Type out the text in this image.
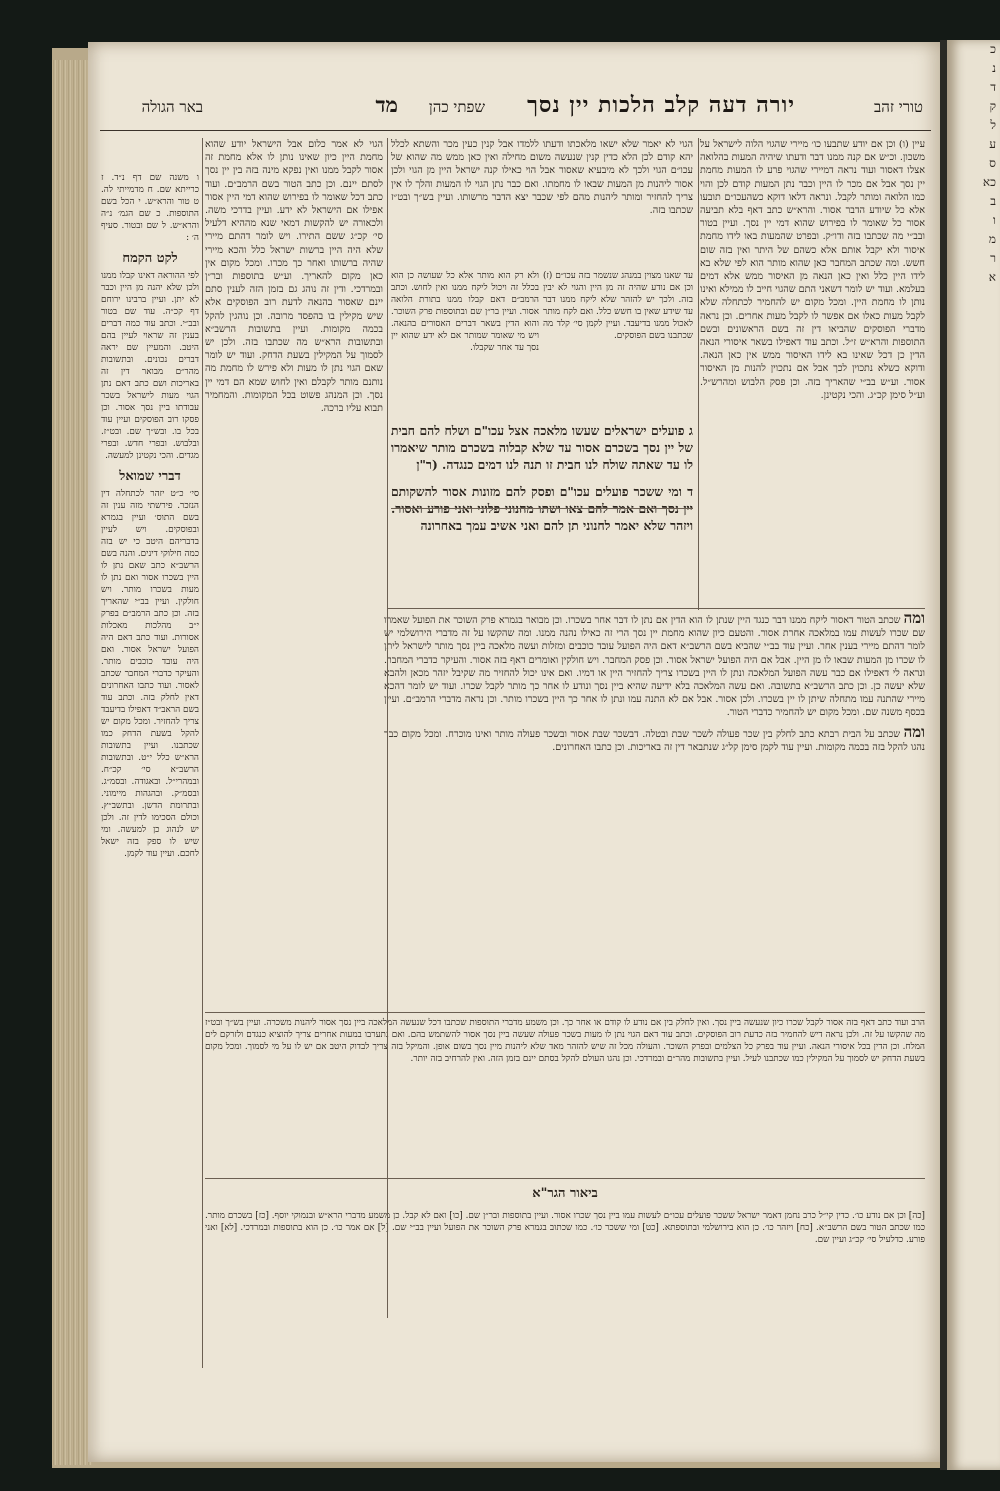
טורי זהב
יורה דעה קלב הלכות יין נסך
שפתי כהן
מד
באר הגולה

עיין (ו) וכן אם יודע שתבעו כו׳ מיירי שהגוי הלוה לישראל על משכון. וכ״ש אם קנה ממנו דבר ודעתו שיהיה המעות בהלואה אצלו דאסור ועוד נראה דמיירי שהגוי פרע לו המעות מחמת יין נסך אבל אם מכר לו היין וכבר נתן המעות קודם לכן והוי כמו הלואה ומותר לקבל. ונראה דלאו דוקא כשהעכו״ם תובעו אלא כל שיודע הדבר אסור. והרא״ש כתב דאף בלא תביעה אסור כל שאומר לו בפירוש שהוא דמי יין נסך. ועיין בטור ובב״י מה שכתבו בזה ודו״ק. ובפרט שהמעות באו לידו מחמת איסור ולא יקבל אותם אלא כשהם של היתר ואין בזה שום חשש. ומה שכתב המחבר כאן שהוא מותר הוא לפי שלא בא לידו היין כלל ואין כאן הנאה מן האיסור ממש אלא דמים בעלמא. ועוד יש לומר דשאני התם שהגוי חייב לו ממילא ואינו נותן לו מחמת היין. ומכל מקום יש להחמיר לכתחלה שלא לקבל מעות כאלו אם אפשר לו לקבל מעות אחרים. וכן נראה מדברי הפוסקים שהביאו דין זה בשם הראשונים ובשם התוספות והרא״ש ז״ל. וכתב עוד דאפילו בשאר איסורי הנאה הדין כן דכל שאינו בא לידו האיסור ממש אין כאן הנאה. ודוקא כשלא נתכוין לכך אבל אם נתכוין להנות מן האיסור אסור. וע״ש בב״י שהאריך בזה. וכן פסק הלבוש ומהרש״ל. וע״ל סימן קכ״ג. והכי נקטינן.

הגוי לא יאמר שלא ישאו מלאכתו ודעתו ללמדו אבל קנין כעין מכר והשתא לכלל יהא קודם לכן הלא כדין קנין שנעשה משום מחילה ואין כאן ממש מה שהוא של עכו״ם הגוי ולכך לא מיבעיא שאסור אבל הוי כאילו קנה ישראל היין מן הגוי ולכן אסור ליהנות מן המעות שבאו לו מחמתו. ואם כבר נתן הגוי לו המעות והלך לו אין צריך להחזיר ומותר ליהנות מהם לפי שכבר יצא הדבר מרשותו. ועיין בש״ך ובט״ז שכתבו בזה.

עד שאנו מצוין במנהג שנשמר בזה עכו״ם (ז) וכן אם נודע שהיה זה מן היין והגוי לא יבין בזה. ולכך יש להזהר שלא ליקח ממנו דבר עד שידע שאין בו חשש כלל. ואם לקח מותר לאכול ממנו בדיעבד. ועיין לקמן סי׳ קלד מה שכתבנו בשם הפוסקים.

ולא רק הוא מותר אלא כל שעושה כן הוא בכלל זה ויכול ליקח ממנו ואין לחוש. וכתב הרמב״ם דאם קבלו ממנו בתורת הלואה אסור. ועיין בר״ן שם ובתוספות פרק השוכר. והוא הדין בשאר דברים האסורים בהנאה. ויש מי שאומר שמותר אם לא ידע שהוא יין נסך עד אחר שקבלו.

ג פועלים ישראלים שעשו מלאכה אצל עכו"ם ושלח להם חבית של יין נסך בשכרם אסור עד שלא קבלוה בשכרם מותר שיאמרו לו עד שאתה שולח לנו חבית זו תנה לנו דמים כנגדה. (ר"ן

ד ומי ששכר פועלים עכו"ם ופסק להם מזונות אסור להשקותם יין נסך ואם אמר להם צאו ושתו מחנוני פלוני ואני פורע ואסור. ויזהר שלא יאמר לחנוני תן להם ואני אשיב עמך באחרונה

הגוי לא אמר כלום אבל הישראל יודע שהוא מחמת היין כיון שאינו נותן לו אלא מחמת זה אסור לקבל ממנו ואין נפקא מינה בזה בין יין נסך לסתם יינם. וכן כתב הטור בשם הרמב״ם. ועוד כתב דכל שאומר לו בפירוש שהוא דמי היין אסור אפילו אם הישראל לא ידע. ועיין בדרכי משה. ולכאורה יש להקשות דמאי שנא מההיא דלעיל סי׳ קכ״ג ששם התירו. ויש לומר דהתם מיירי שלא היה היין ברשות ישראל כלל והכא מיירי שהיה ברשותו ואחר כך מכרו. ומכל מקום אין כאן מקום להאריך. וע״ש בתוספות ובר״ן ובמרדכי. ודין זה נוהג גם בזמן הזה לענין סתם יינם שאסור בהנאה לדעת רוב הפוסקים אלא שיש מקילין בו בהפסד מרובה. וכן נוהגין להקל בכמה מקומות. ועיין בתשובות הרשב״א ובתשובות הרא״ש מה שכתבו בזה. ולכן יש לסמוך על המקילין בשעת הדחק. ועוד יש לומר שאם הגוי נתן לו מעות ולא פירש לו מחמת מה נותנם מותר לקבלם ואין לחוש שמא הם דמי יין נסך. וכן המנהג פשוט בכל המקומות. והמחמיר תבוא עליו ברכה.

ומה שכתב הטור דאסור ליקח ממנו דבר כנגד היין שנתן לו הוא הדין אם נתן לו דבר אחר בשכרו. וכן מבואר בגמרא פרק השוכר את הפועל שאמרו שם שכרו לעשות עמו במלאכה אחרת אסור. והטעם כיון שהוא מחמת יין נסך הרי זה כאילו נהנה ממנו. ומה שהקשו על זה מדברי הירושלמי יש לומר דהתם מיירי בענין אחר. ועיין עוד בב״י שהביא בשם הרשב״א דאם היה הפועל עובד כוכבים ומזלות ועשה מלאכה ביין נסך מותר לישראל ליתן לו שכרו מן המעות שבאו לו מן היין. אבל אם היה הפועל ישראל אסור. וכן פסק המחבר. ויש חולקין ואומרים דאף בזה אסור. והעיקר כדברי המחבר. ונראה לי דאפילו אם כבר עשה הפועל המלאכה ונתן לו היין בשכרו צריך להחזיר היין או דמיו. ואם אינו יכול להחזיר מה שקיבל יזהר מכאן ולהבא שלא יעשה כן. וכן כתב הרשב״א בתשובה. ואם עשה המלאכה בלא ידיעה שהיא ביין נסך ונודע לו אחר כך מותר לקבל שכרו. ועוד יש לומר דהכא מיירי שהתנה עמו מתחלה שיתן לו יין בשכרו. ולכן אסור. אבל אם לא התנה עמו ונתן לו אחר כך היין בשכרו מותר. וכן נראה מדברי הרמב״ם. ועיין בכסף משנה שם. ומכל מקום יש להחמיר כדברי הטור.

ומה שכתב על הבית רבתא כתב לחלק בין שכר פעולה לשכר שבת ובטלה. דבשכר שבת אסור ובשכר פעולה מותר ואינו מוכרח. ומכל מקום כבר נהגו להקל בזה בכמה מקומות. ועיין עוד לקמן סימן קל״ג שנתבאר דין זה באריכות. וכן כתבו האחרונים.

הרב ועוד כתב דאף בזה אסור לקבל שכרו כיון שנעשה ביין נסך. ואין לחלק בין אם נודע לו קודם או אחר כך. וכן משמע מדברי התוספות שכתבו דכל שנעשה המלאכה ביין נסך אסור ליהנות משכרה. ועיין בש״ך ובט״ז מה שהקשו על זה. ולכן נראה דיש להחמיר בזה כדעת רוב הפוסקים. וכתב עוד דאם הגוי נתן לו מעות בשכר פעולה שעשה ביין נסך אסור להשתמש בהם. ואם נתערבו במעות אחרים צריך להוציא כנגדם ולזרקם לים המלח. וכן הדין בכל איסורי הנאה. ועיין עוד בפרק כל הצלמים ובפרק השוכר. והעולה מכל זה שיש להזהר מאד שלא ליהנות מיין נסך בשום אופן. והמיקל בזה צריך לבדוק היטב אם יש לו על מי לסמוך. ומכל מקום בשעת הדחק יש לסמוך על המקילין כמו שכתבנו לעיל. ועיין בתשובות מהר״ם ובמרדכי. וכן נהגו העולם להקל בסתם יינם בזמן הזה. ואין להרחיב בזה יותר.

ביאור הגר"א

[כה] וכן אם נודע כו׳. כדין קי״ל כרב נחמן דאמר ישראל ששכר פועלים עכו״ם לעשות עמו ביין נסך שכרו אסור. ועיין בתוספות ובר״ן שם. [כו] ואם לא קבל. כן משמע מדברי הרא״ש ובנמוקי יוסף. [כז] בשכרם מותר. כמו שכתב הטור בשם הרשב״א. [כח] ויזהר כו׳. כן הוא בירושלמי ובתוספתא. [כט] ומי ששכר כו׳. כמו שכתוב בגמרא פרק השוכר את הפועל ועיין בב״י שם. [ל] אם אמר כו׳. כן הוא בתוספות ובמרדכי. [לא] ואני פורע. כדלעיל סי׳ קכ״ג ועיין שם.

ו משנה שם דף נ״ד. ז כרייתא שם. ח מדמייתי לה. ט טור והרא״ש. י הכל בשם התוספות. כ שם הגמ׳ נ״ה והרא״ש. ל שם ובטור. סעיף ה׳ :

לקט הקמח

לפי ההוראה דאינו קבלו ממנו ולכן שלא יהנה מן היין וכבר לא יתן. ועיין ברבינו ירוחם דף קכ״ה. עוד שם בטור ובב״י. וכתב עוד כמה דברים בענין זה שראוי לעיין בהם היטב. והמעיין שם יראה דברים נכונים. ובתשובות מהר״ם מבואר דין זה באריכות ושם כתב דאם נתן הגוי מעות לישראל בשכר עבודתו ביין נסך אסור. וכן פסקו רוב הפוסקים ועיין עוד בכל בו. ובש״ך שם. ובט״ז. ובלבוש. ובפרי חדש. ובפרי מגדים. והכי נקטינן למעשה.

דברי שמואל

סי׳ כ״ט יזהר לכתחלה דין הנזכר. פירשתי מזה ענין זה בשם התוס׳ ועיין בגמרא ובפוסקים. ויש לעיין בדבריהם היטב כי יש בזה כמה חילוקי דינים. והנה בשם הרשב״א כתב שאם נתן לו היין בשכרו אסור ואם נתן לו מעות בשכרו מותר. ויש חולקין. ועיין בב״י שהאריך בזה. וכן כתב הרמב״ם בפרק י״ב מהלכות מאכלות אסורות. ועוד כתב דאם היה הפועל ישראל אסור. ואם היה עובד כוכבים מותר. והעיקר כדברי המחבר שכתב לאסור. ועוד כתבו האחרונים דאין לחלק בזה. וכתב עוד בשם הראב״ד דאפילו בדיעבד צריך להחזיר. ומכל מקום יש להקל בשעת הדחק כמו שכתבנו. ועיין בתשובות הרא״ש כלל י״ט. ובתשובות הרשב״א סי׳ קכ״ח. ובמהרי״ל. ובאגודה. ובסמ״ג. ובסמ״ק. ובהגהות מיימוני. ובתרומת הדשן. ובתשב״ץ. וכולם הסכימו לדין זה. ולכן יש לנהוג כן למעשה. ומי שיש לו ספק בזה ישאל לחכם. ועיין עוד לקמן.

כ
נ
ד
ק
ל
ע
ס
כא
ב
ו
מ
ר
א
